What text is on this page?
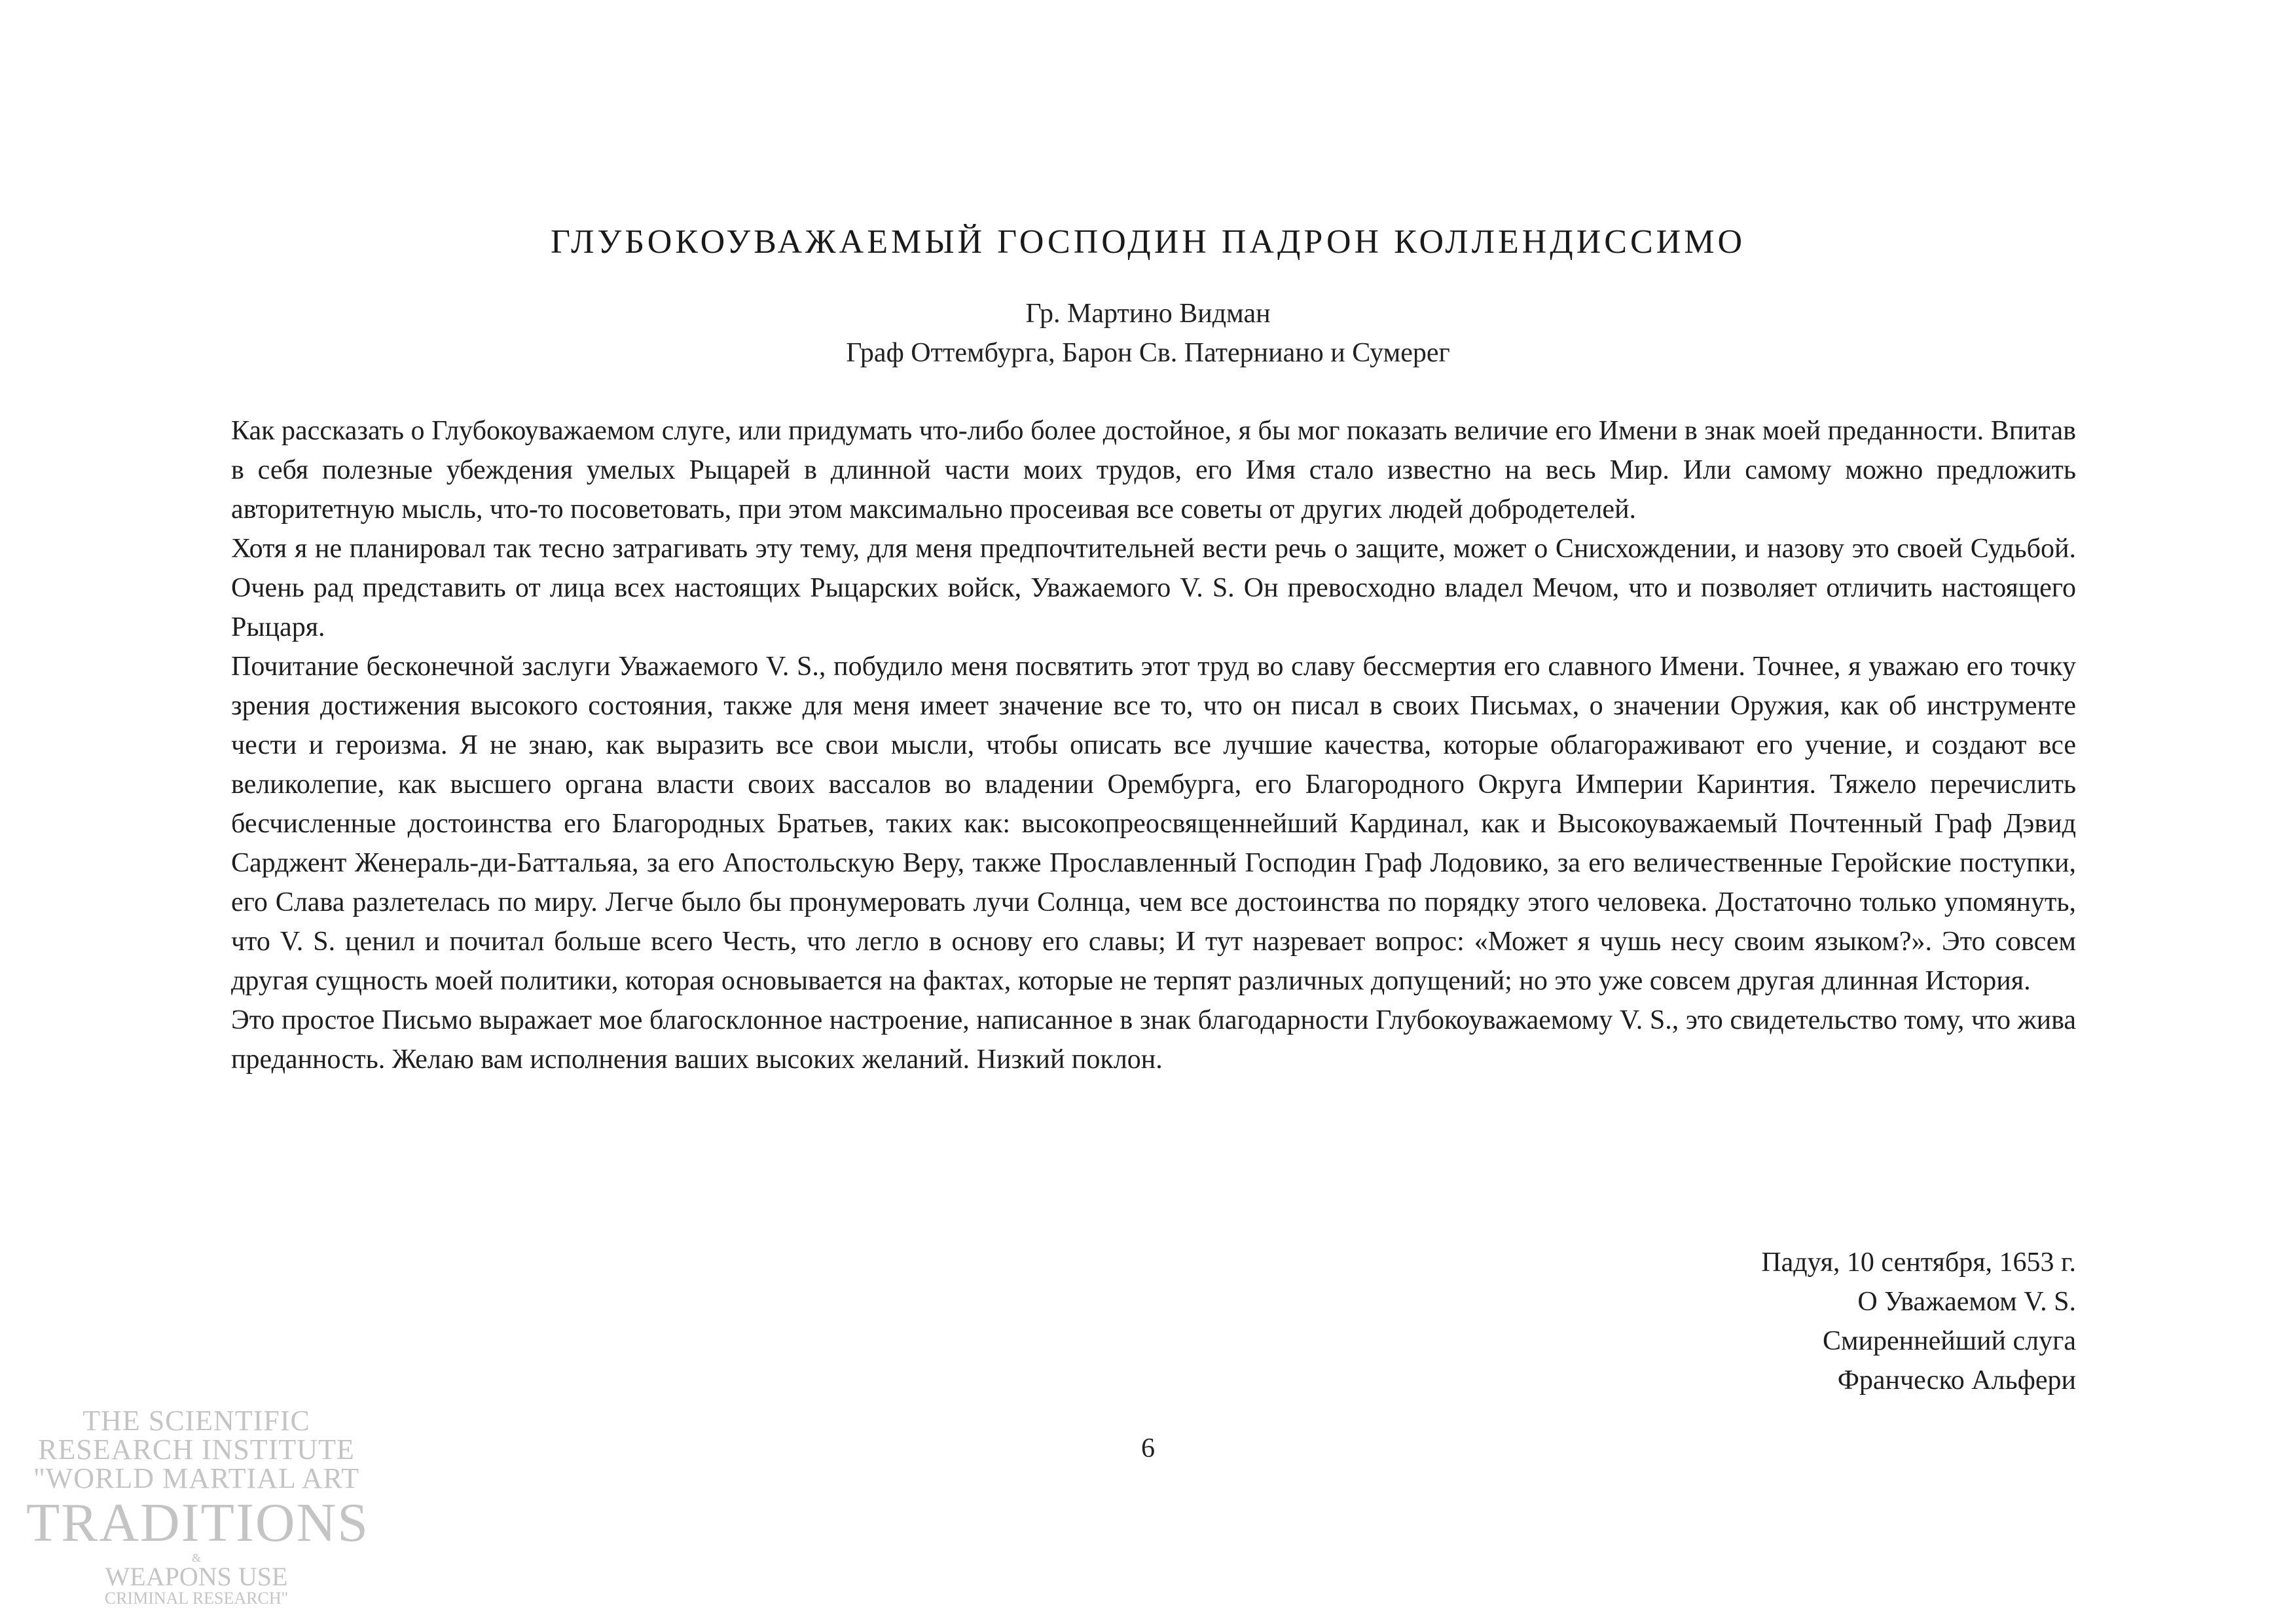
ГЛУБОКОУВАЖАЕМЫЙ ГОСПОДИН ПАДРОН КОЛЛЕНДИССИМО
Гр. Мартино Видман
Граф Оттембурга, Барон Св. Патерниано и Сумерег

Как рассказать о Глубокоуважаемом слуге, или придумать что-либо более достойное, я бы мог показать величие его Имени в знак моей преданности. Впитав в себя полезные убеждения умелых Рыцарей в длинной части моих трудов, его Имя стало известно на весь Мир. Или самому можно предложить авторитетную мысль, что-то посоветовать, при этом максимально просеивая все советы от других людей добродетелей.

Хотя я не планировал так тесно затрагивать эту тему, для меня предпочтительней вести речь о защите, может о Снисхождении, и назову это своей Судьбой. Очень рад представить от лица всех настоящих Рыцарских войск, Уважаемого V. S. Он превосходно владел Мечом, что и позволяет отличить настоящего Рыцаря.

Почитание бесконечной заслуги Уважаемого V. S., побудило меня посвятить этот труд во славу бессмертия его славного Имени. Точнее, я уважаю его точку зрения достижения высокого состояния, также для меня имеет значение все то, что он писал в своих Письмах, о значении Оружия, как об инструменте чести и героизма. Я не знаю, как выразить все свои мысли, чтобы описать все лучшие качества, которые облагораживают его учение, и создают все великолепие, как высшего органа власти своих вассалов во владении Орембурга, его Благородного Округа Империи Каринтия. Тяжело перечислить бесчисленные достоинства его Благородных Братьев, таких как: высокопреосвященнейший Кардинал, как и Высокоуважаемый Почтенный Граф Дэвид Сарджент Женераль-ди-Баттальяа, за его Апостольскую Веру, также Прославленный Господин Граф Лодовико, за его величественные Геройские поступки, его Слава разлетелась по миру. Легче было бы пронумеровать лучи Солнца, чем все достоинства по порядку этого человека. Достаточно только упомянуть, что V. S. ценил и почитал больше всего Честь, что легло в основу его славы; И тут назревает вопрос: «Может я чушь несу своим языком?». Это совсем другая сущность моей политики, которая основывается на фактах, которые не терпят различных допущений; но это уже совсем другая длинная История.

Это простое Письмо выражает мое благосклонное настроение, написанное в знак благодарности Глубокоуважаемому V. S., это свидетельство тому, что жива преданность. Желаю вам исполнения ваших высоких желаний. Низкий поклон.

Падуя, 10 сентября, 1653 г.
О Уважаемом V. S.
Смиреннейший слуга
Франческо Альфери
6
THE SCIENTIFIC
RESEARCH INSTITUTE
"WORLD MARTIAL ART
TRADITIONS
&
WEAPONS USE
CRIMINAL RESEARCH"
